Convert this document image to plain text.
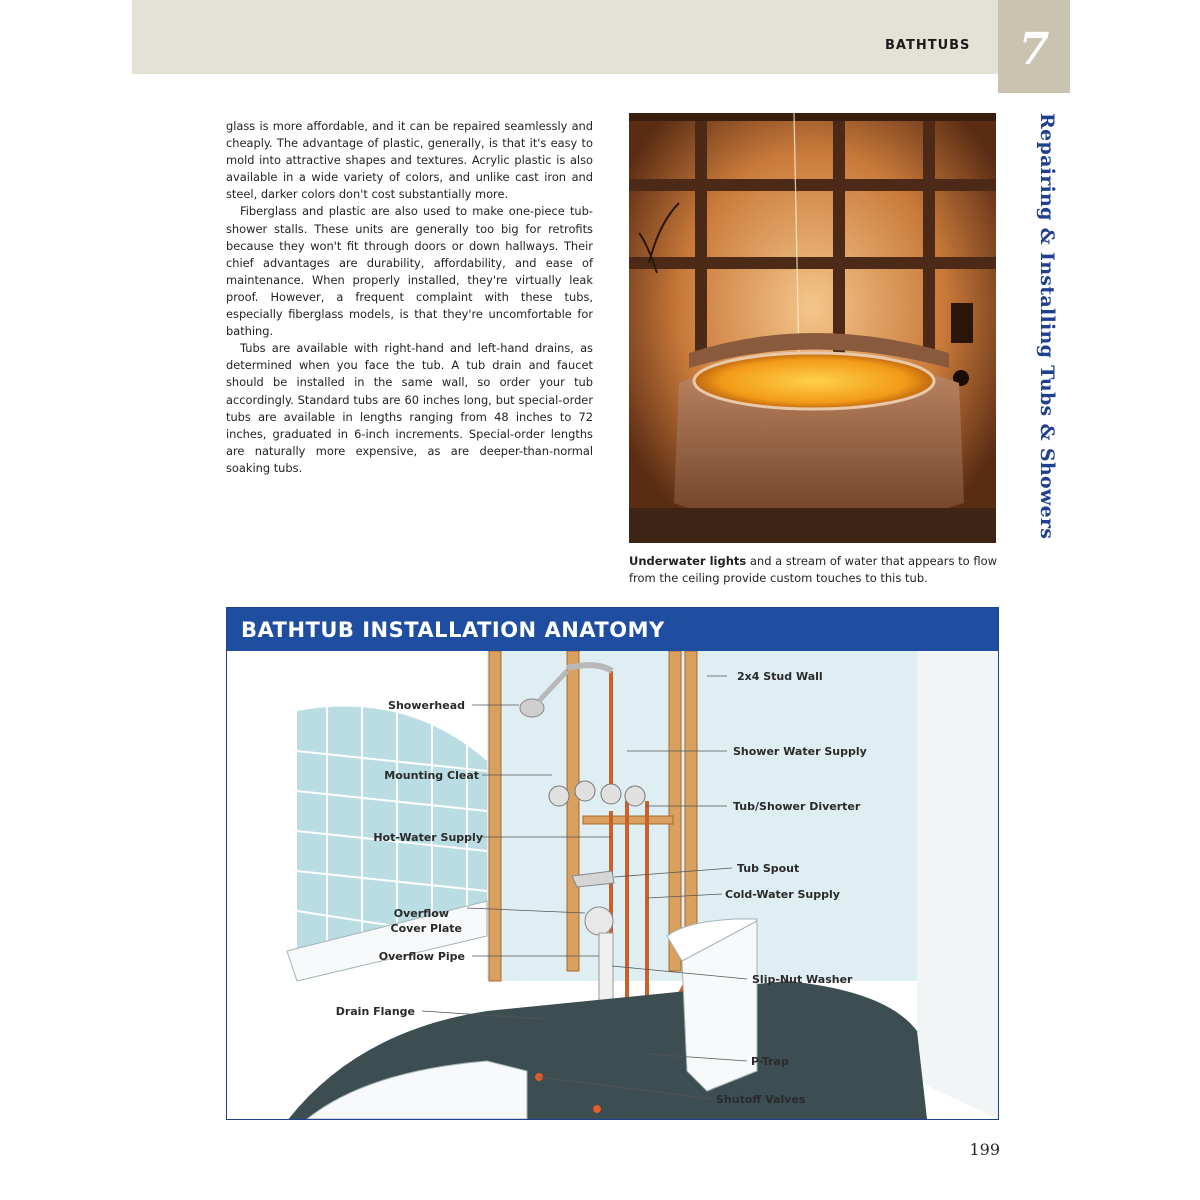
BATHTUBS	7
Repairing & Installing Tubs & Showers

glass is more affordable, and it can be repaired seamlessly and cheaply. The advantage of plastic, generally, is that it's easy to mold into attractive shapes and textures. Acrylic plastic is also available in a wide variety of colors, and unlike cast iron and steel, darker colors don't cost substantially more.

Fiberglass and plastic are also used to make one-piece tub-shower stalls. These units are generally too big for retrofits because they won't fit through doors or down hallways. Their chief advantages are durability, affordability, and ease of maintenance. When properly installed, they're virtually leak proof. However, a frequent complaint with these tubs, especially fiberglass models, is that they're uncomfortable for bathing.

Tubs are available with right-hand and left-hand drains, as determined when you face the tub. A tub drain and faucet should be installed in the same wall, so order your tub accordingly. Standard tubs are 60 inches long, but special-order tubs are available in lengths ranging from 48 inches to 72 inches, graduated in 6-inch increments. Special-order lengths are naturally more expensive, as are deeper-than-normal soaking tubs.

Underwater lights and a stream of water that appears to flow from the ceiling provide custom touches to this tub.
BATHTUB INSTALLATION ANATOMY
Showerhead
Mounting Cleat
Hot-Water Supply
Overflow
Cover Plate
Overflow Pipe
Drain Flange
2x4 Stud Wall
Shower Water Supply
Tub/Shower Diverter
Tub Spout
Cold-Water Supply
Slip-Nut Washer
P-Trap
Shutoff Valves
199
